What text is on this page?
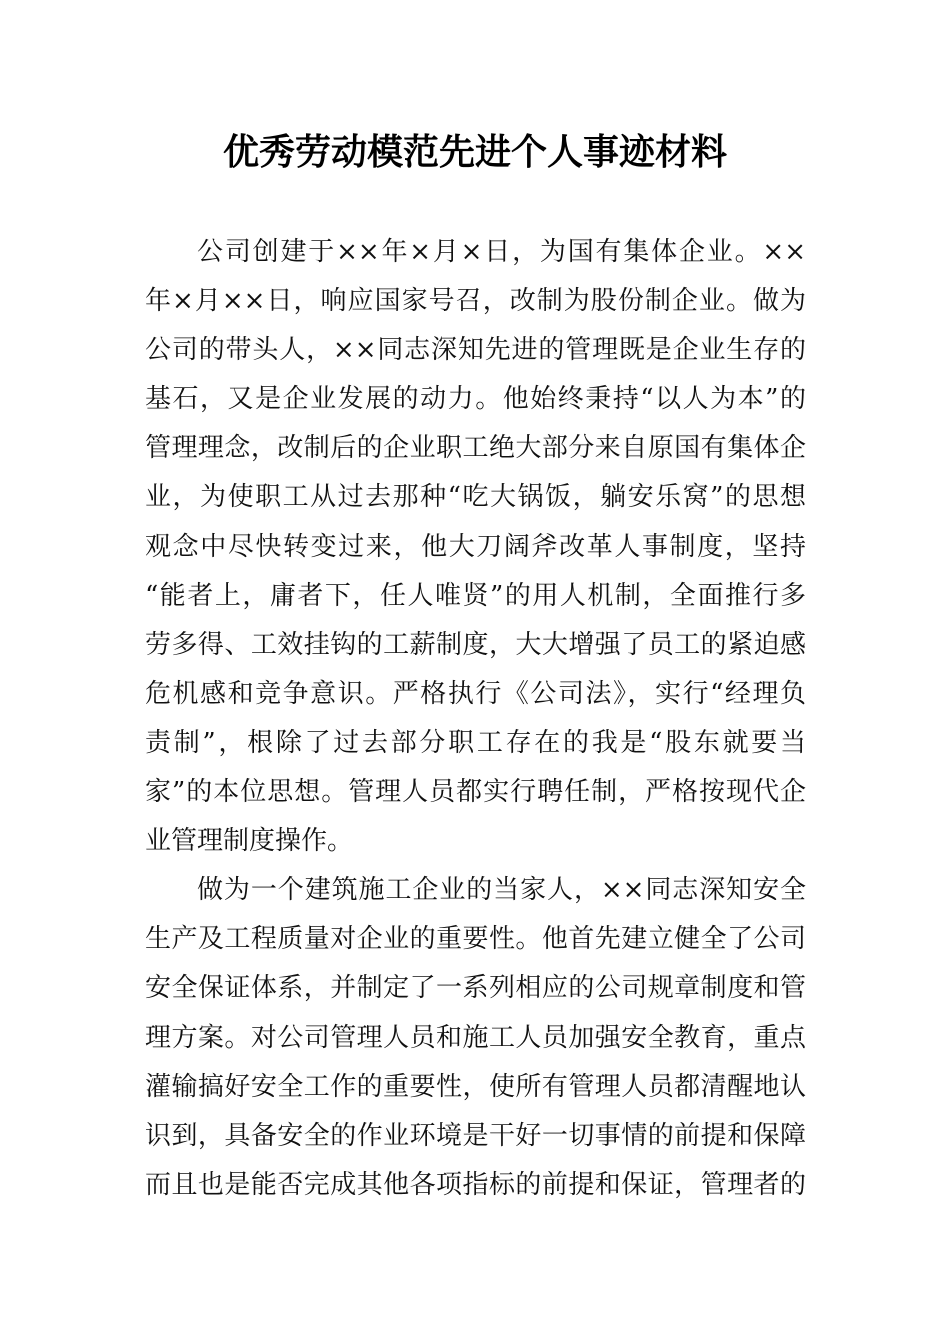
优秀劳动模范先进个人事迹材料
公司创建于××年×月×日，为国有集体企业。××
年×月××日，响应国家号召，改制为股份制企业。做为
公司的带头人，××同志深知先进的管理既是企业生存的
基石，又是企业发展的动力。他始终秉持“以人为本”的
管理理念，改制后的企业职工绝大部分来自原国有集体企
业，为使职工从过去那种“吃大锅饭，躺安乐窝”的思想
观念中尽快转变过来，他大刀阔斧改革人事制度，坚持
“能者上，庸者下，任人唯贤”的用人机制，全面推行多
劳多得、工效挂钩的工薪制度，大大增强了员工的紧迫感
危机感和竞争意识。严格执行《公司法》，实行“经理负
责制”，根除了过去部分职工存在的我是“股东就要当
家”的本位思想。管理人员都实行聘任制，严格按现代企
业管理制度操作。
做为一个建筑施工企业的当家人，××同志深知安全
生产及工程质量对企业的重要性。他首先建立健全了公司
安全保证体系，并制定了一系列相应的公司规章制度和管
理方案。对公司管理人员和施工人员加强安全教育，重点
灌输搞好安全工作的重要性，使所有管理人员都清醒地认
识到，具备安全的作业环境是干好一切事情的前提和保障
而且也是能否完成其他各项指标的前提和保证，管理者的
